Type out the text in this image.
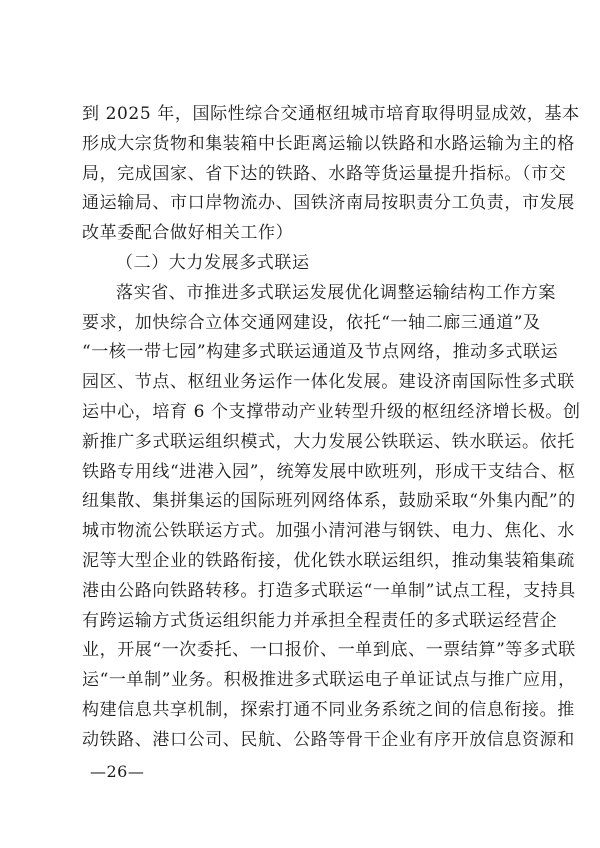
到 2025 年，国际性综合交通枢纽城市培育取得明显成效，基本
形成大宗货物和集装箱中长距离运输以铁路和水路运输为主的格
局，完成国家、省下达的铁路、水路等货运量提升指标。（市交
通运输局、市口岸物流办、国铁济南局按职责分工负责，市发展
改革委配合做好相关工作）
（二）大力发展多式联运
落实省、市推进多式联运发展优化调整运输结构工作方案
要求，加快综合立体交通网建设，依托“一轴二廊三通道”及
“一核一带七园”构建多式联运通道及节点网络，推动多式联运
园区、节点、枢纽业务运作一体化发展。建设济南国际性多式联
运中心，培育 6 个支撑带动产业转型升级的枢纽经济增长极。创
新推广多式联运组织模式，大力发展公铁联运、铁水联运。依托
铁路专用线“进港入园”，统筹发展中欧班列，形成干支结合、枢
纽集散、集拼集运的国际班列网络体系，鼓励采取“外集内配”的
城市物流公铁联运方式。加强小清河港与钢铁、电力、焦化、水
泥等大型企业的铁路衔接，优化铁水联运组织，推动集装箱集疏
港由公路向铁路转移。打造多式联运“一单制”试点工程，支持具
有跨运输方式货运组织能力并承担全程责任的多式联运经营企
业，开展“一次委托、一口报价、一单到底、一票结算”等多式联
运“一单制”业务。积极推进多式联运电子单证试点与推广应用，
构建信息共享机制，探索打通不同业务系统之间的信息衔接。推
动铁路、港口公司、民航、公路等骨干企业有序开放信息资源和
—26—
